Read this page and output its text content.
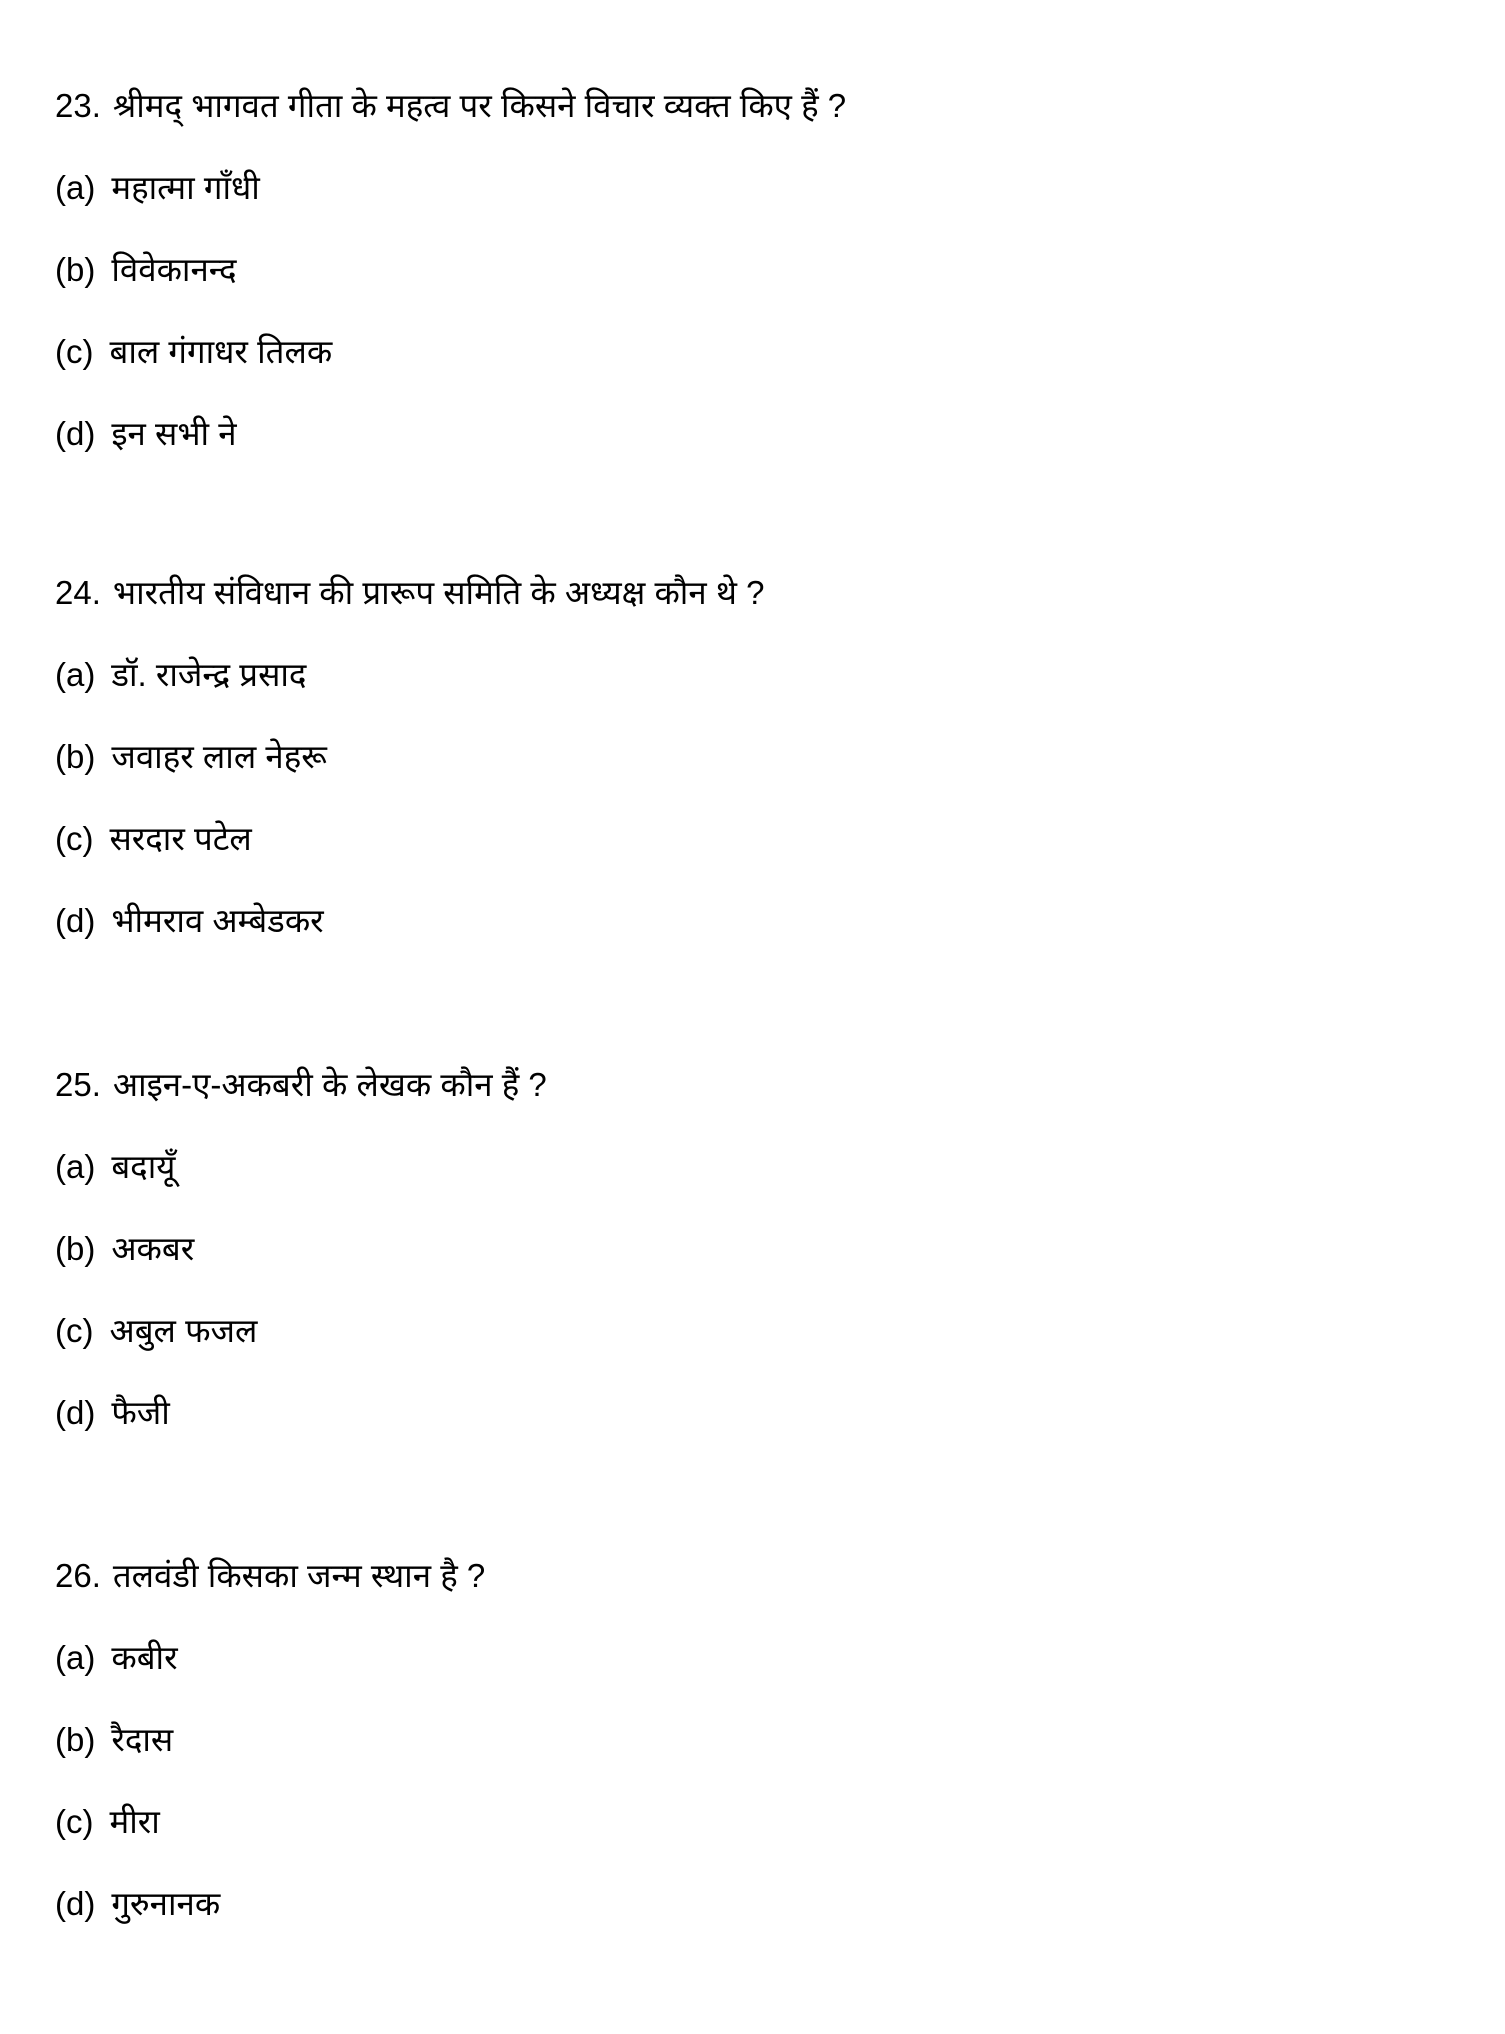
23. श्रीमद् भागवत गीता के महत्व पर किसने विचार व्यक्त किए हैं ?
(a) महात्मा गाँधी
(b) विवेकानन्द
(c) बाल गंगाधर तिलक
(d) इन सभी ने
24. भारतीय संविधान की प्रारूप समिति के अध्यक्ष कौन थे ?
(a) डॉ. राजेन्द्र प्रसाद
(b) जवाहर लाल नेहरू
(c) सरदार पटेल
(d) भीमराव अम्बेडकर
25. आइन-ए-अकबरी के लेखक कौन हैं ?
(a) बदायूँ
(b) अकबर
(c) अबुल फजल
(d) फैजी
26. तलवंडी किसका जन्म स्थान है ?
(a) कबीर
(b) रैदास
(c) मीरा
(d) गुरुनानक
